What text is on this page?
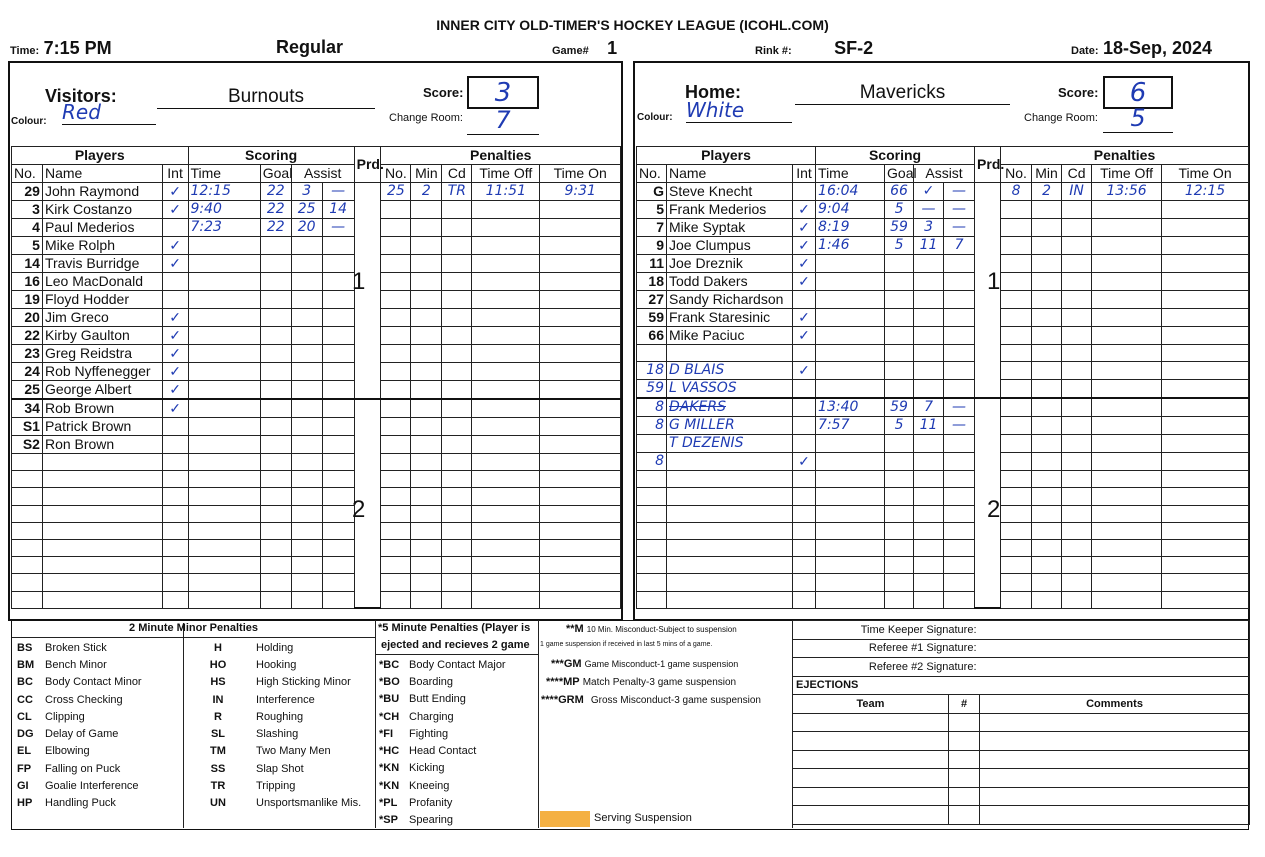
INNER CITY OLD-TIMER'S HOCKEY LEAGUE (ICOHL.COM)
Time: 7:15 PM	Regular	Game# 1	Rink #: SF-2	Date: 18-Sep, 2024
Visitors:	Burnouts
Colour: Red
Score:	3
Change Room:	7
Players			Scoring				Prd.	Penalties				
No.	Name	Int	Time	Goal	Assist			No.	Min	Cd	Time Off	Time On
29	John Raymond	✓	12:15	22	3	—		25	2	TR	11:51	9:31
3	Kirk Costanzo	✓	9:40	22	25	14						
4	Paul Mederios		7:23	22	20	—						
5	Mike Rolph	✓										
14	Travis Burridge	✓										
16	Leo MacDonald											
19	Floyd Hodder											
20	Jim Greco	✓										
22	Kirby Gaulton	✓										
23	Greg Reidstra	✓										
24	Rob Nyffenegger	✓										
25	George Albert	✓										
34	Rob Brown	✓										
S1	Patrick Brown											
S2	Ron Brown											

Home:	Mavericks
Colour: White
Score:	6
Change Room:	5
Players			Scoring				Prd.	Penalties				
No.	Name	Int	Time	Goal	Assist			No.	Min	Cd	Time Off	Time On
G	Steve Knecht		16:04	66	✓	—		8	2	IN	13:56	12:15
5	Frank Mederios	✓	9:04	5	—	—						
7	Mike Syptak	✓	8:19	59	3	—						
9	Joe Clumpus	✓	1:46	5	11	7						
11	Joe Dreznik	✓										
18	Todd Dakers	✓										
27	Sandy Richardson											
59	Frank Staresinic	✓										
66	Mike Paciuc	✓										

18	D BLAIS	✓										
59	L VASSOS											
8	DAKERS		13:40	59	7	—						
8	G MILLER		7:57	5	11	—						
	T DEZENIS											
8		✓										

1
2
1
2
2 Minute Minor Penalties
BS	Broken Stick	H	Holding
BM	Bench Minor	HO	Hooking
BC	Body Contact Minor	HS	High Sticking Minor
CC	Cross Checking	IN	Interference
CL	Clipping	R	Roughing
DG	Delay of Game	SL	Slashing
EL	Elbowing	TM	Two Many Men
FP	Falling on Puck	SS	Slap Shot
GI	Goalie Interference	TR	Tripping
HP	Handling Puck	UN	Unsportsmanlike Mis.
*5 Minute Penalties (Player is
ejected and recieves 2 game
*BC	Body Contact Major
*BO	Boarding
*BU	Butt Ending
*CH	Charging
*FI	Fighting
*HC	Head Contact
*KN	Kicking
*KN	Kneeing
*PL	Profanity
*SP	Spearing
**M 10 Min. Misconduct-Subject to suspension
1 game suspension if received in last 5 mins of a game.
***GM Game Misconduct-1 game suspension
****MP Match Penalty-3 game suspension
****GRM Gross Misconduct-3 game suspension
Serving Suspension
Time Keeper Signature:		
Referee #1 Signature:		
Referee #2 Signature:		
EJECTIONS		
Team	#	Comments
